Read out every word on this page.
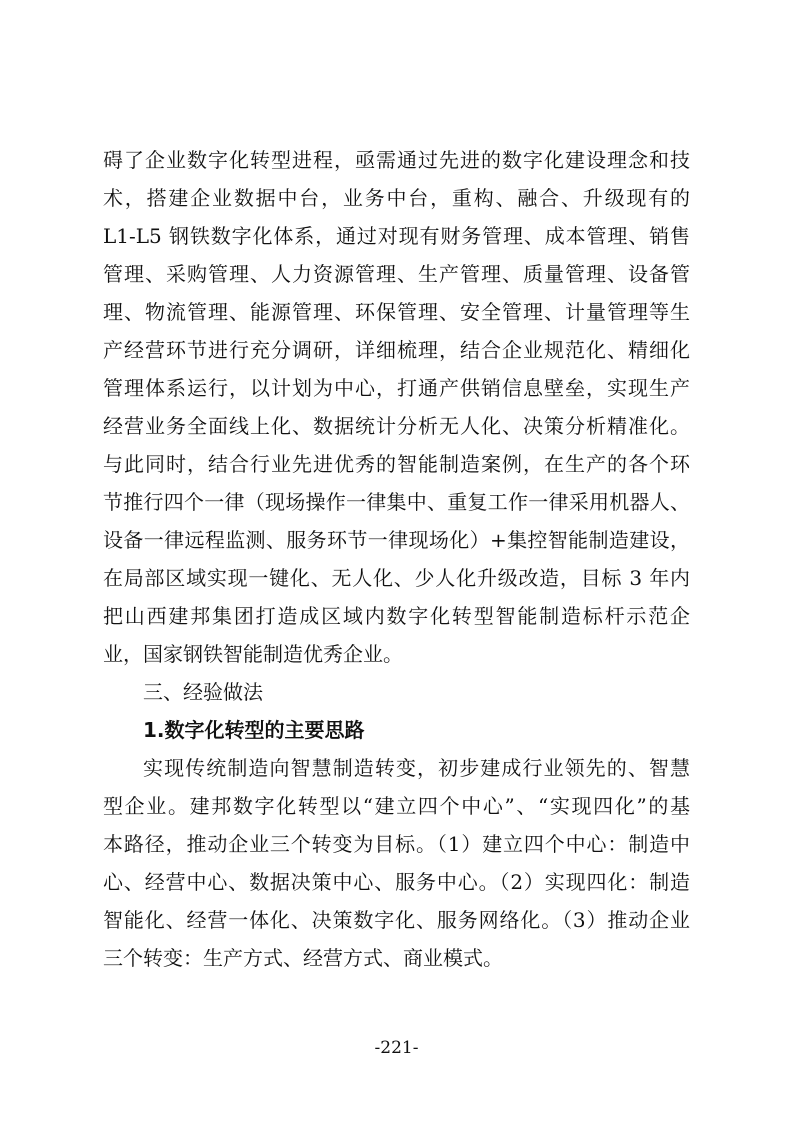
碍了企业数字化转型进程，亟需通过先进的数字化建设理念和技
术，搭建企业数据中台，业务中台，重构、融合、升级现有的
L1-L5 钢铁数字化体系，通过对现有财务管理、成本管理、销售
管理、采购管理、人力资源管理、生产管理、质量管理、设备管
理、物流管理、能源管理、环保管理、安全管理、计量管理等生
产经营环节进行充分调研，详细梳理，结合企业规范化、精细化
管理体系运行，以计划为中心，打通产供销信息壁垒，实现生产
经营业务全面线上化、数据统计分析无人化、决策分析精准化。
与此同时，结合行业先进优秀的智能制造案例，在生产的各个环
节推行四个一律（现场操作一律集中、重复工作一律采用机器人、
设备一律远程监测、服务环节一律现场化）+集控智能制造建设，
在局部区域实现一键化、无人化、少人化升级改造，目标 3 年内
把山西建邦集团打造成区域内数字化转型智能制造标杆示范企
业，国家钢铁智能制造优秀企业。
三、经验做法
1.数字化转型的主要思路
实现传统制造向智慧制造转变，初步建成行业领先的、智慧
型企业。建邦数字化转型以“建立四个中心”、“实现四化”的基
本路径，推动企业三个转变为目标。（1）建立四个中心：制造中
心、经营中心、数据决策中心、服务中心。（2）实现四化：制造
智能化、经营一体化、决策数字化、服务网络化。（3）推动企业
三个转变：生产方式、经营方式、商业模式。
-221-
